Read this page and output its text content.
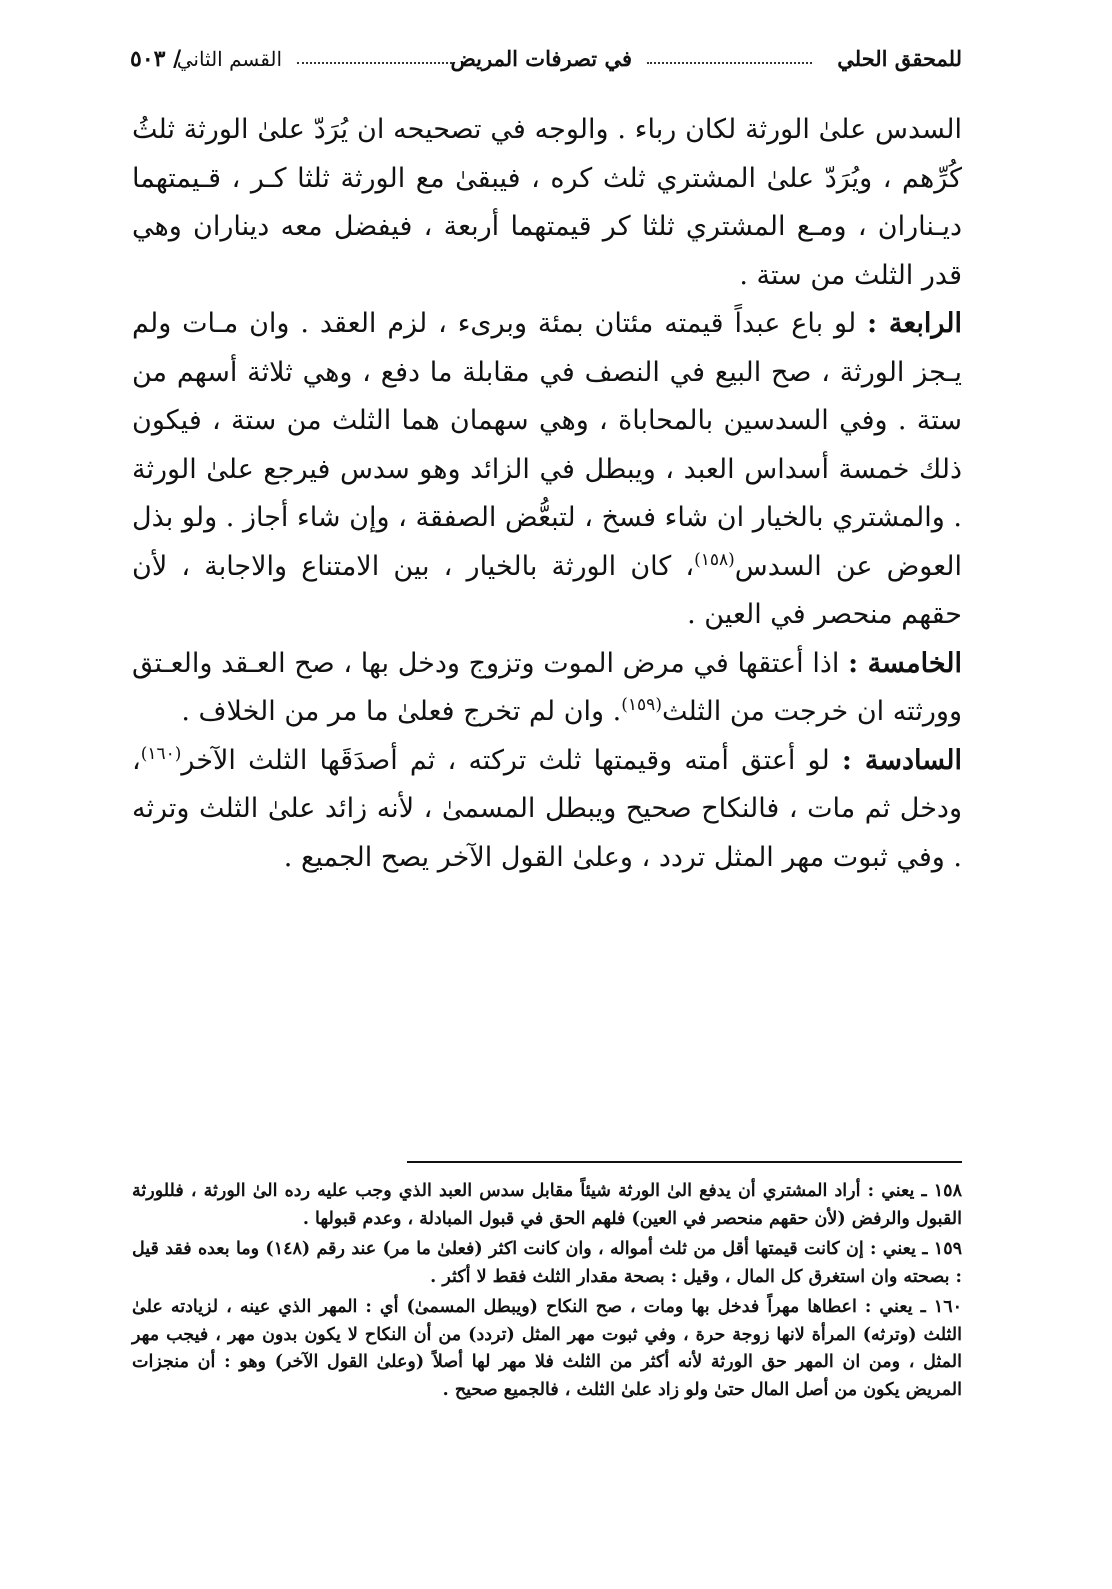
للمحقق الحلي
في تصرفات المريض
القسم الثاني
/ ٥٠٣

السدس علىٰ الورثة لكان رباء . والوجه في تصحيحه ان يُرَدّ علىٰ الورثة ثلثُ كُرِّهم ، ويُرَدّ علىٰ المشتري ثلث كره ، فيبقىٰ مع الورثة ثلثا كـر ، قـيمتهما ديـناران ، ومـع المشتري ثلثا كر قيمتهما أربعة ، فيفضل معه ديناران وهي قدر الثلث من ستة .

الرابعة : لو باع عبداً قيمته مئتان بمئة وبرىء ، لزم العقد . وان مـات ولم يـجز الورثة ، صح البيع في النصف في مقابلة ما دفع ، وهي ثلاثة أسهم من ستة . وفي السدسين بالمحاباة ، وهي سهمان هما الثلث من ستة ، فيكون ذلك خمسة أسداس العبد ، ويبطل في الزائد وهو سدس فيرجع علىٰ الورثة . والمشتري بالخيار ان شاء فسخ ، لتبعُّض الصفقة ، وإن شاء أجاز . ولو بذل العوض عن السدس$^{(١٥٨)}$، كان الورثة بالخيار ، بين الامتناع والاجابة ، لأن حقهم منحصر في العين .

الخامسة : اذا أعتقها في مرض الموت وتزوج ودخل بها ، صح العـقد والعـتق وورثته ان خرجت من الثلث$^{(١٥٩)}$. وان لم تخرج فعلىٰ ما مر من الخلاف .

السادسة : لو أعتق أمته وقيمتها ثلث تركته ، ثم أصدَقَها الثلث الآخر$^{(١٦٠)}$، ودخل ثم مات ، فالنكاح صحيح ويبطل المسمىٰ ، لأنه زائد علىٰ الثلث وترثه . وفي ثبوت مهر المثل تردد ، وعلىٰ القول الآخر يصح الجميع .

١٥٨ ـ يعني : أراد المشتري أن يدفع الىٰ الورثة شيئاً مقابل سدس العبد الذي وجب عليه رده الىٰ الورثة ، فللورثة القبول والرفض (لأن حقهم منحصر في العين) فلهم الحق في قبول المبادلة ، وعدم قبولها .

١٥٩ ـ يعني : إن كانت قيمتها أقل من ثلث أمواله ، وان كانت اكثر (فعلىٰ ما مر) عند رقم (١٤٨) وما بعده فقد قيل : بصحته وان استغرق كل المال ، وقيل : بصحة مقدار الثلث فقط لا أكثر .

١٦٠ ـ يعني : اعطاها مهراً فدخل بها ومات ، صح النكاح (ويبطل المسمىٰ) أي : المهر الذي عينه ، لزيادته علىٰ الثلث (وترثه) المرأة لانها زوجة حرة ، وفي ثبوت مهر المثل (تردد) من أن النكاح لا يكون بدون مهر ، فيجب مهر المثل ، ومن ان المهر حق الورثة لأنه أكثر من الثلث فلا مهر لها أصلاً (وعلىٰ القول الآخر) وهو : أن منجزات المريض يكون من أصل المال حتىٰ ولو زاد علىٰ الثلث ، فالجميع صحيح .
